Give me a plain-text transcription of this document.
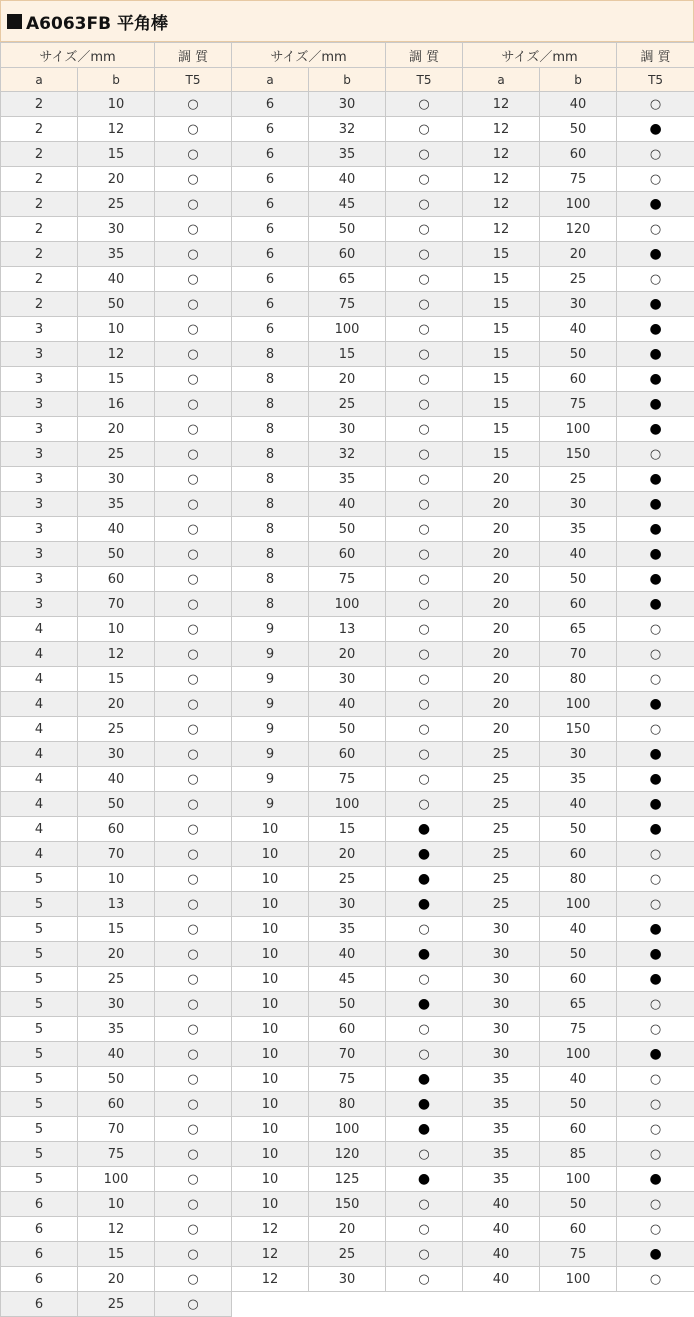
A6063FB 平角棒
サイズ／mm		調 質	サイズ／mm		調 質	サイズ／mm		調 質
a	b	T5	a	b	T5	a	b	T5
2	10	○	6	30	○	12	40	○
2	12	○	6	32	○	12	50	●
2	15	○	6	35	○	12	60	○
2	20	○	6	40	○	12	75	○
2	25	○	6	45	○	12	100	●
2	30	○	6	50	○	12	120	○
2	35	○	6	60	○	15	20	●
2	40	○	6	65	○	15	25	○
2	50	○	6	75	○	15	30	●
3	10	○	6	100	○	15	40	●
3	12	○	8	15	○	15	50	●
3	15	○	8	20	○	15	60	●
3	16	○	8	25	○	15	75	●
3	20	○	8	30	○	15	100	●
3	25	○	8	32	○	15	150	○
3	30	○	8	35	○	20	25	●
3	35	○	8	40	○	20	30	●
3	40	○	8	50	○	20	35	●
3	50	○	8	60	○	20	40	●
3	60	○	8	75	○	20	50	●
3	70	○	8	100	○	20	60	●
4	10	○	9	13	○	20	65	○
4	12	○	9	20	○	20	70	○
4	15	○	9	30	○	20	80	○
4	20	○	9	40	○	20	100	●
4	25	○	9	50	○	20	150	○
4	30	○	9	60	○	25	30	●
4	40	○	9	75	○	25	35	●
4	50	○	9	100	○	25	40	●
4	60	○	10	15	●	25	50	●
4	70	○	10	20	●	25	60	○
5	10	○	10	25	●	25	80	○
5	13	○	10	30	●	25	100	○
5	15	○	10	35	○	30	40	●
5	20	○	10	40	●	30	50	●
5	25	○	10	45	○	30	60	●
5	30	○	10	50	●	30	65	○
5	35	○	10	60	○	30	75	○
5	40	○	10	70	○	30	100	●
5	50	○	10	75	●	35	40	○
5	60	○	10	80	●	35	50	○
5	70	○	10	100	●	35	60	○
5	75	○	10	120	○	35	85	○
5	100	○	10	125	●	35	100	●
6	10	○	10	150	○	40	50	○
6	12	○	12	20	○	40	60	○
6	15	○	12	25	○	40	75	●
6	20	○	12	30	○	40	100	○
6	25	○						
